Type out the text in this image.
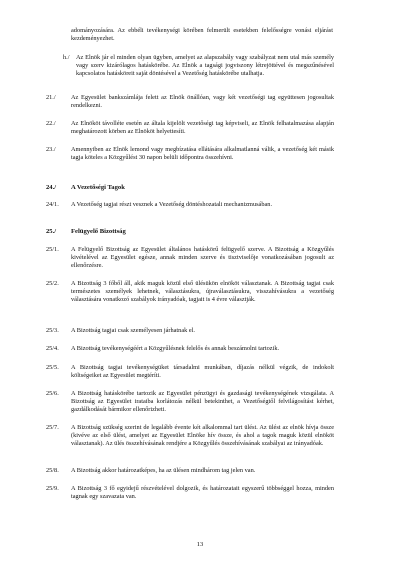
adományozására. Az ebbéli tevékenységi körében felmerült esetekben felelősségre vonási eljárást kezdeményezhet.
h./ Az Elnök jár el minden olyan ügyben, amelyet az alapszabály vagy szabályzat nem utal más személy vagy szerv kizárólagos hatáskörébe. Az Elnök a tagsági jogviszony létrejöttével és megszűnésével kapcsolatos hatásköreit saját döntésével a Vezetőség hatáskörébe utalhatja.
21./ Az Egyesület bankszámlája felett az Elnök önállóan, vagy két vezetőségi tag együttesen jogosultak rendelkezni.
22./ Az Elnököt távolléte esetén az általa kijelölt vezetőségi tag képviseli, az Elnök felhatalmazása alapján meghatározott körben az Elnököt helyettesíti.
23./ Amennyiben az Elnök lemond vagy megbízatása ellátására alkalmatlanná válik, a vezetőség két másik tagja köteles a Közgyűlést 30 napon belüli időpontra összehívni.
24./ A Vezetőségi Tagok
24/1. A Vezetőség tagjai részt vesznek a Vezetőség döntéshozatali mechanizmusában.
25./ Felügyelő Bizottság
25/1. A Felügyelő Bizottság az Egyesület általános hatáskörű felügyelő szerve. A Bizottság a Közgyűlés kivételével az Egyesület egésze, annak minden szerve és tisztviselője vonatkozásában jogosult az ellenőrzésre.
25/2. A Bizottság 3 főből áll, akik maguk közül első ülésükön elnököt választanak. A Bizottság tagjai csak természetes személyek lehetnek, választásukra, újraválasztásukra, visszahívásukra a vezetőség választására vonatkozó szabályok irányadóak, tagjait is 4 évre választják.
25/3. A Bizottság tagjai csak személyesen járhatnak el.
25/4. A Bizottság tevékenységéért a Közgyűlésnek felelős és annak beszámolni tartozik.
25/5. A Bizottság tagjai tevékenységüket társadalmi munkában, díjazás nélkül végzik, de indokolt költségeiket az Egyesület megtéríti.
25/6. A Bizottság hatáskörébe tartozik az Egyesület pénzügyi és gazdasági tevékenységének vizsgálata. A Bizottság az Egyesület irataiba korlátozás nélkül betekinthet, a Vezetőségtől felvilágosítást kérhet, gazdálkodását bármikor ellenőrizheti.
25/7. A Bizottság szükség szerint de legalább évente két alkalommal tart ülést. Az ülést az elnök hívja össze (kivéve az első ülést, amelyet az Egyesület Elnöke hív össze, és ahol a tagok maguk közül elnököt választanak). Az ülés összehívásának rendjére a Közgyűlés összehívásának szabályai az irányadóak.
25/8. A Bizottság akkor határozatképes, ha az ülésen mindhárom tag jelen van.
25/9. A Bizottság 3 fő egyidejű részvételével dolgozik, és határozatait egyszerű többséggel hozza, minden tagnak egy szavazata van.
13
